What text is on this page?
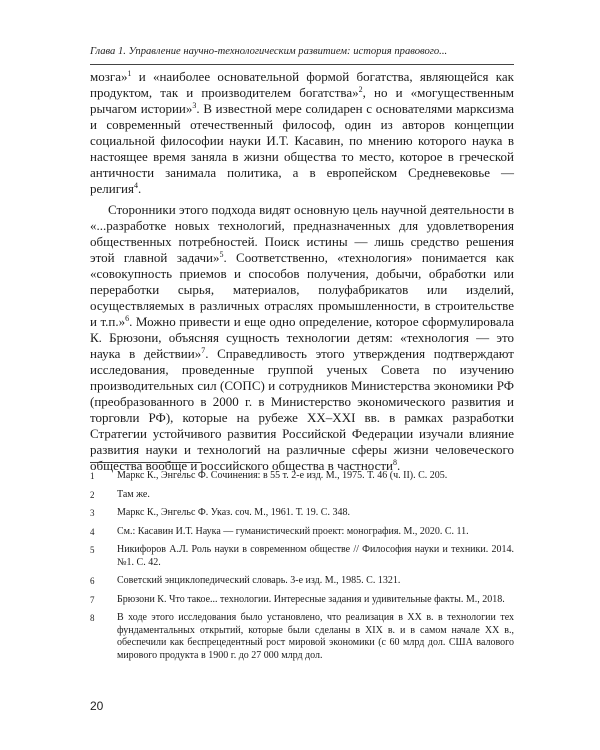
Глава 1. Управление научно-технологическим развитием: история правового...

мозга»$^1$ и «наиболее основательной формой богатства, являющейся как продуктом, так и производителем богатства»$^2$, но и «могущественным рычагом истории»$^3$. В известной мере солидарен с основателями марксизма и современный отечественный философ, один из авторов концепции социальной философии науки И.Т. Касавин, по мнению которого наука в настоящее время заняла в жизни общества то место, которое в греческой античности занимала политика, а в европейском Средневековье — религия$^4$.

Сторонники этого подхода видят основную цель научной деятельности в «...разработке новых технологий, предназначенных для удовлетворения общественных потребностей. Поиск истины — лишь средство решения этой главной задачи»$^5$. Соответственно, «технология» понимается как «совокупность приемов и способов получения, добычи, обработки или переработки сырья, материалов, полуфабрикатов или изделий, осуществляемых в различных отраслях промышленности, в строительстве и т.п.»$^6$. Можно привести и еще одно определение, которое сформулировала К. Брюзони, объясняя сущность технологии детям: «технология — это наука в действии»$^7$. Справедливость этого утверждения подтверждают исследования, проведенные группой ученых Совета по изучению производительных сил (СОПС) и сотрудников Министерства экономики РФ (преобразованного в 2000 г. в Министерство экономического развития и торговли РФ), которые на рубеже XX–XXI вв. в рамках разработки Стратегии устойчивого развития Российской Федерации изучали влияние развития науки и технологий на различные сферы жизни человеческого общества вообще и российского общества в частности$^8$.

1	Маркс К., Энгельс Ф. Сочинения: в 55 т. 2-е изд. М., 1975. Т. 46 (ч. II). С. 205.
2	Там же.
3	Маркс К., Энгельс Ф. Указ. соч. М., 1961. Т. 19. С. 348.
4	См.: Касавин И.Т. Наука — гуманистический проект: монография. М., 2020. С. 11.
5	Никифоров А.Л. Роль науки в современном обществе // Философия науки и техники. 2014. №1. С. 42.
6	Советский энциклопедический словарь. 3-е изд. М., 1985. С. 1321.
7	Брюзони К. Что такое... технологии. Интересные задания и удивительные факты. М., 2018.
8	В ходе этого исследования было установлено, что реализация в XX в. в технологии тех фундаментальных открытий, которые были сделаны в XIX в. и в самом начале XX в., обеспечили как беспрецедентный рост мировой экономики (с 60 млрд дол. США валового мирового продукта в 1900 г. до 27 000 млрд дол.
20
